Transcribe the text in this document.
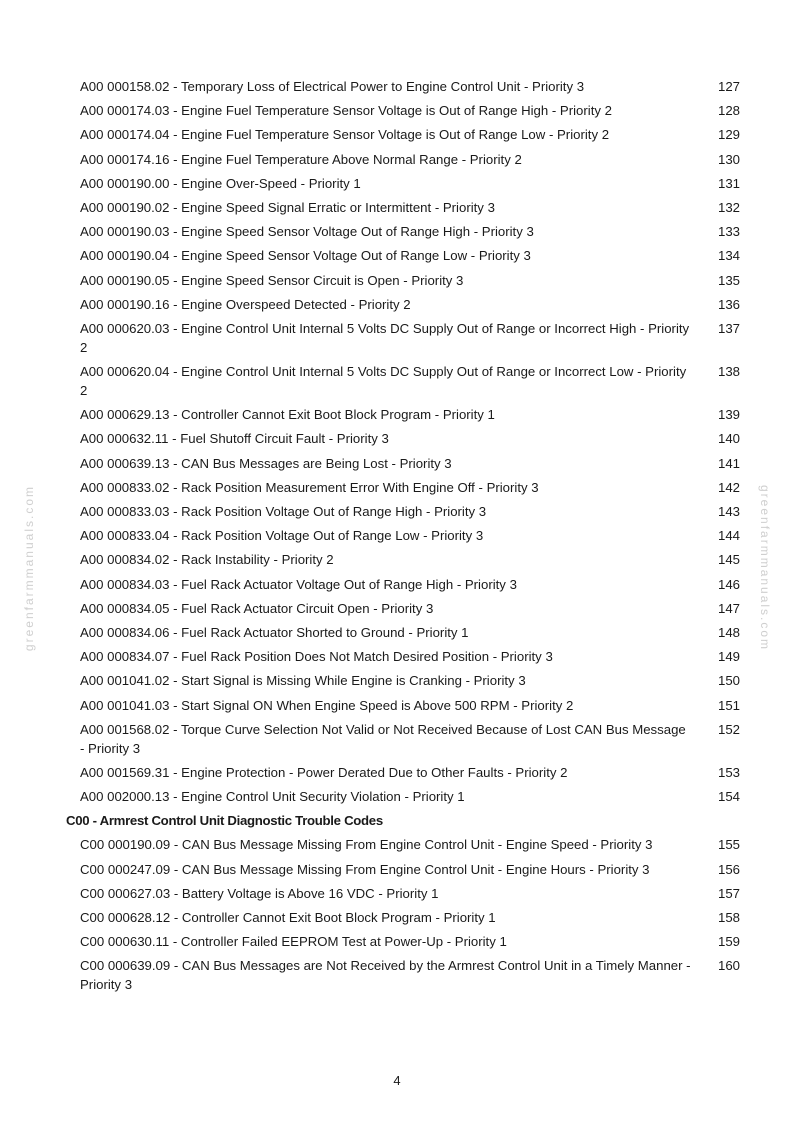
A00 000158.02 - Temporary Loss of Electrical Power to Engine Control Unit - Priority 3	127
A00 000174.03 - Engine Fuel Temperature Sensor Voltage is Out of Range High - Priority 2	128
A00 000174.04 - Engine Fuel Temperature Sensor Voltage is Out of Range Low - Priority 2	129
A00 000174.16 - Engine Fuel Temperature Above Normal Range - Priority 2	130
A00 000190.00 - Engine Over-Speed - Priority 1	131
A00 000190.02 - Engine Speed Signal Erratic or Intermittent - Priority 3	132
A00 000190.03 - Engine Speed Sensor Voltage Out of Range High - Priority 3	133
A00 000190.04 - Engine Speed Sensor Voltage Out of Range Low - Priority 3	134
A00 000190.05 - Engine Speed Sensor Circuit is Open - Priority 3	135
A00 000190.16 - Engine Overspeed Detected - Priority 2	136
A00 000620.03 - Engine Control Unit Internal 5 Volts DC Supply Out of Range or Incorrect High - Priority 2
137
A00 000620.04 - Engine Control Unit Internal 5 Volts DC Supply Out of Range or Incorrect Low - Priority 2
138
A00 000629.13 - Controller Cannot Exit Boot Block Program - Priority 1	139
A00 000632.11 - Fuel Shutoff Circuit Fault - Priority 3	140
A00 000639.13 - CAN Bus Messages are Being Lost - Priority 3	141
A00 000833.02 - Rack Position Measurement Error With Engine Off - Priority 3	142
A00 000833.03 - Rack Position Voltage Out of Range High - Priority 3	143
A00 000833.04 - Rack Position Voltage Out of Range Low - Priority 3	144
A00 000834.02 - Rack Instability - Priority 2	145
A00 000834.03 - Fuel Rack Actuator Voltage Out of Range High - Priority 3	146
A00 000834.05 - Fuel Rack Actuator Circuit Open - Priority 3	147
A00 000834.06 - Fuel Rack Actuator Shorted to Ground - Priority 1	148
A00 000834.07 - Fuel Rack Position Does Not Match Desired Position - Priority 3	149
A00 001041.02 - Start Signal is Missing While Engine is Cranking - Priority 3	150
A00 001041.03 - Start Signal ON When Engine Speed is Above 500 RPM - Priority 2	151
A00 001568.02 - Torque Curve Selection Not Valid or Not Received Because of Lost CAN Bus Message - Priority 3
152
A00 001569.31 - Engine Protection - Power Derated Due to Other Faults - Priority 2	153
A00 002000.13 - Engine Control Unit Security Violation - Priority 1	154
C00 - Armrest Control Unit Diagnostic Trouble Codes
C00 000190.09 - CAN Bus Message Missing From Engine Control Unit - Engine Speed - Priority 3	155
C00 000247.09 - CAN Bus Message Missing From Engine Control Unit - Engine Hours - Priority 3	156
C00 000627.03 - Battery Voltage is Above 16 VDC - Priority 1	157
C00 000628.12 - Controller Cannot Exit Boot Block Program - Priority 1	158
C00 000630.11 - Controller Failed EEPROM Test at Power-Up - Priority 1	159
C00 000639.09 - CAN Bus Messages are Not Received by the Armrest Control Unit in a Timely Manner - Priority 3
160
greenfarmmanuals.com	greenfarmmanuals.com
4
